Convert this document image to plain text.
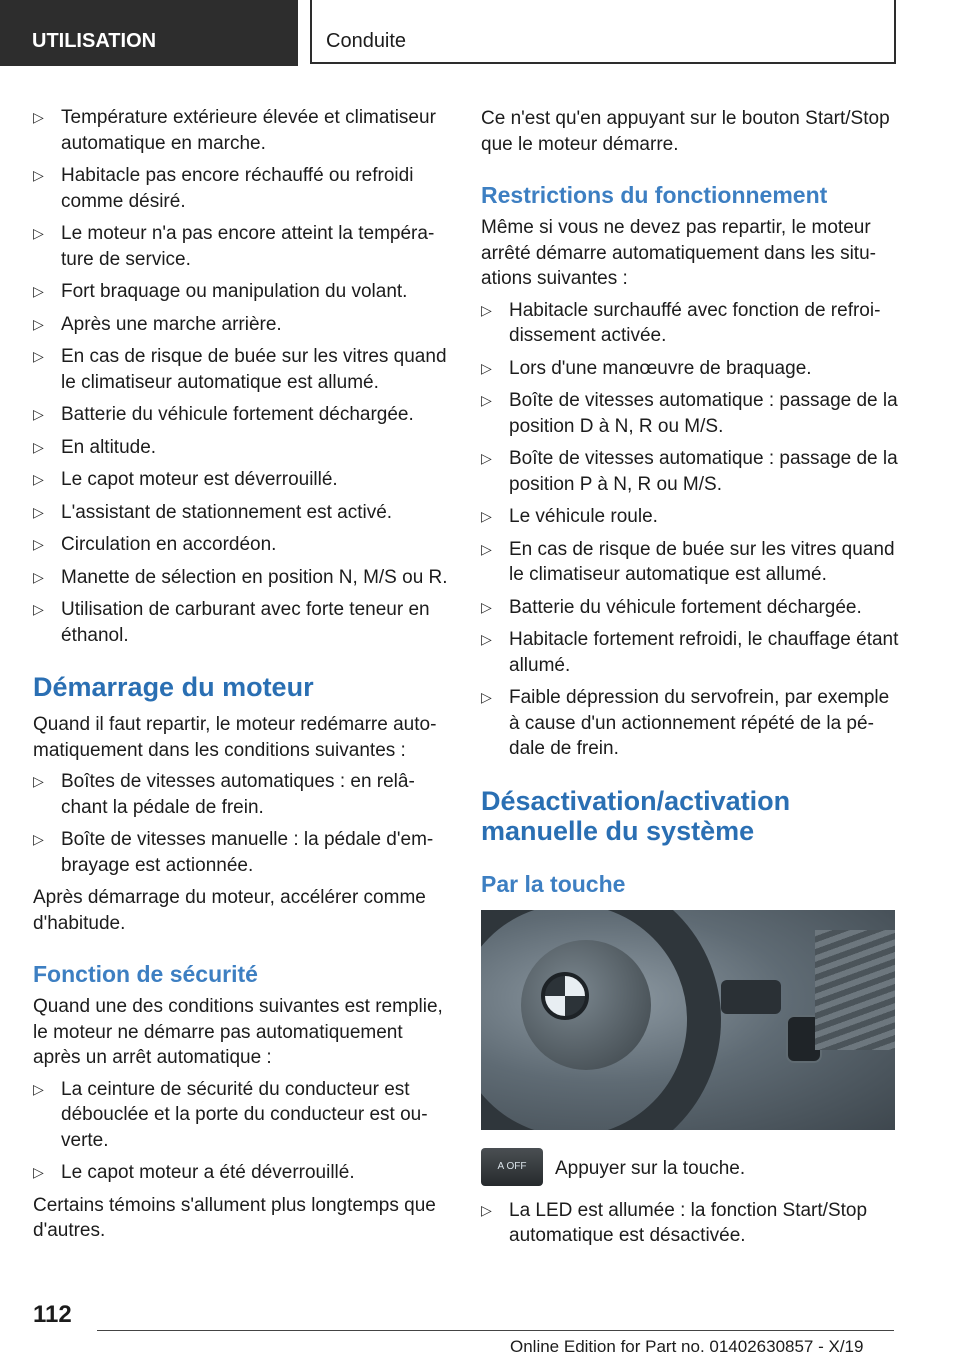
UTILISATION	Conduite
▷ Température extérieure élevée et climatiseur automatique en marche.
▷ Habitacle pas encore réchauffé ou refroidi comme désiré.
▷ Le moteur n'a pas encore atteint la température de service.
▷ Fort braquage ou manipulation du volant.
▷ Après une marche arrière.
▷ En cas de risque de buée sur les vitres quand le climatiseur automatique est allumé.
▷ Batterie du véhicule fortement déchargée.
▷ En altitude.
▷ Le capot moteur est déverrouillé.
▷ L'assistant de stationnement est activé.
▷ Circulation en accordéon.
▷ Manette de sélection en position N, M/S ou R.
▷ Utilisation de carburant avec forte teneur en éthanol.
Démarrage du moteur

Quand il faut repartir, le moteur redémarre automatiquement dans les conditions suivantes :

▷ Boîtes de vitesses automatiques : en relâchant la pédale de frein.
▷ Boîte de vitesses manuelle : la pédale d'embrayage est actionnée.

Après démarrage du moteur, accélérer comme d'habitude.

Fonction de sécurité

Quand une des conditions suivantes est remplie, le moteur ne démarre pas automatiquement après un arrêt automatique :

▷ La ceinture de sécurité du conducteur est débouclée et la porte du conducteur est ouverte.
▷ Le capot moteur a été déverrouillé.

Certains témoins s'allument plus longtemps que d'autres.

Ce n'est qu'en appuyant sur le bouton Start/Stop que le moteur démarre.

Restrictions du fonctionnement

Même si vous ne devez pas repartir, le moteur arrêté démarre automatiquement dans les situations suivantes :

▷ Habitacle surchauffé avec fonction de refroidissement activée.
▷ Lors d'une manœuvre de braquage.
▷ Boîte de vitesses automatique : passage de la position D à N, R ou M/S.
▷ Boîte de vitesses automatique : passage de la position P à N, R ou M/S.
▷ Le véhicule roule.
▷ En cas de risque de buée sur les vitres quand le climatiseur automatique est allumé.
▷ Batterie du véhicule fortement déchargée.
▷ Habitacle fortement refroidi, le chauffage étant allumé.
▷ Faible dépression du servofrein, par exemple à cause d'un actionnement répété de la pédale de frein.
Désactivation/activation manuelle du système
Par la touche
A OFF	Appuyer sur la touche.
▷ La LED est allumée : la fonction Start/Stop automatique est désactivée.
112
Online Edition for Part no. 01402630857 - X/19
